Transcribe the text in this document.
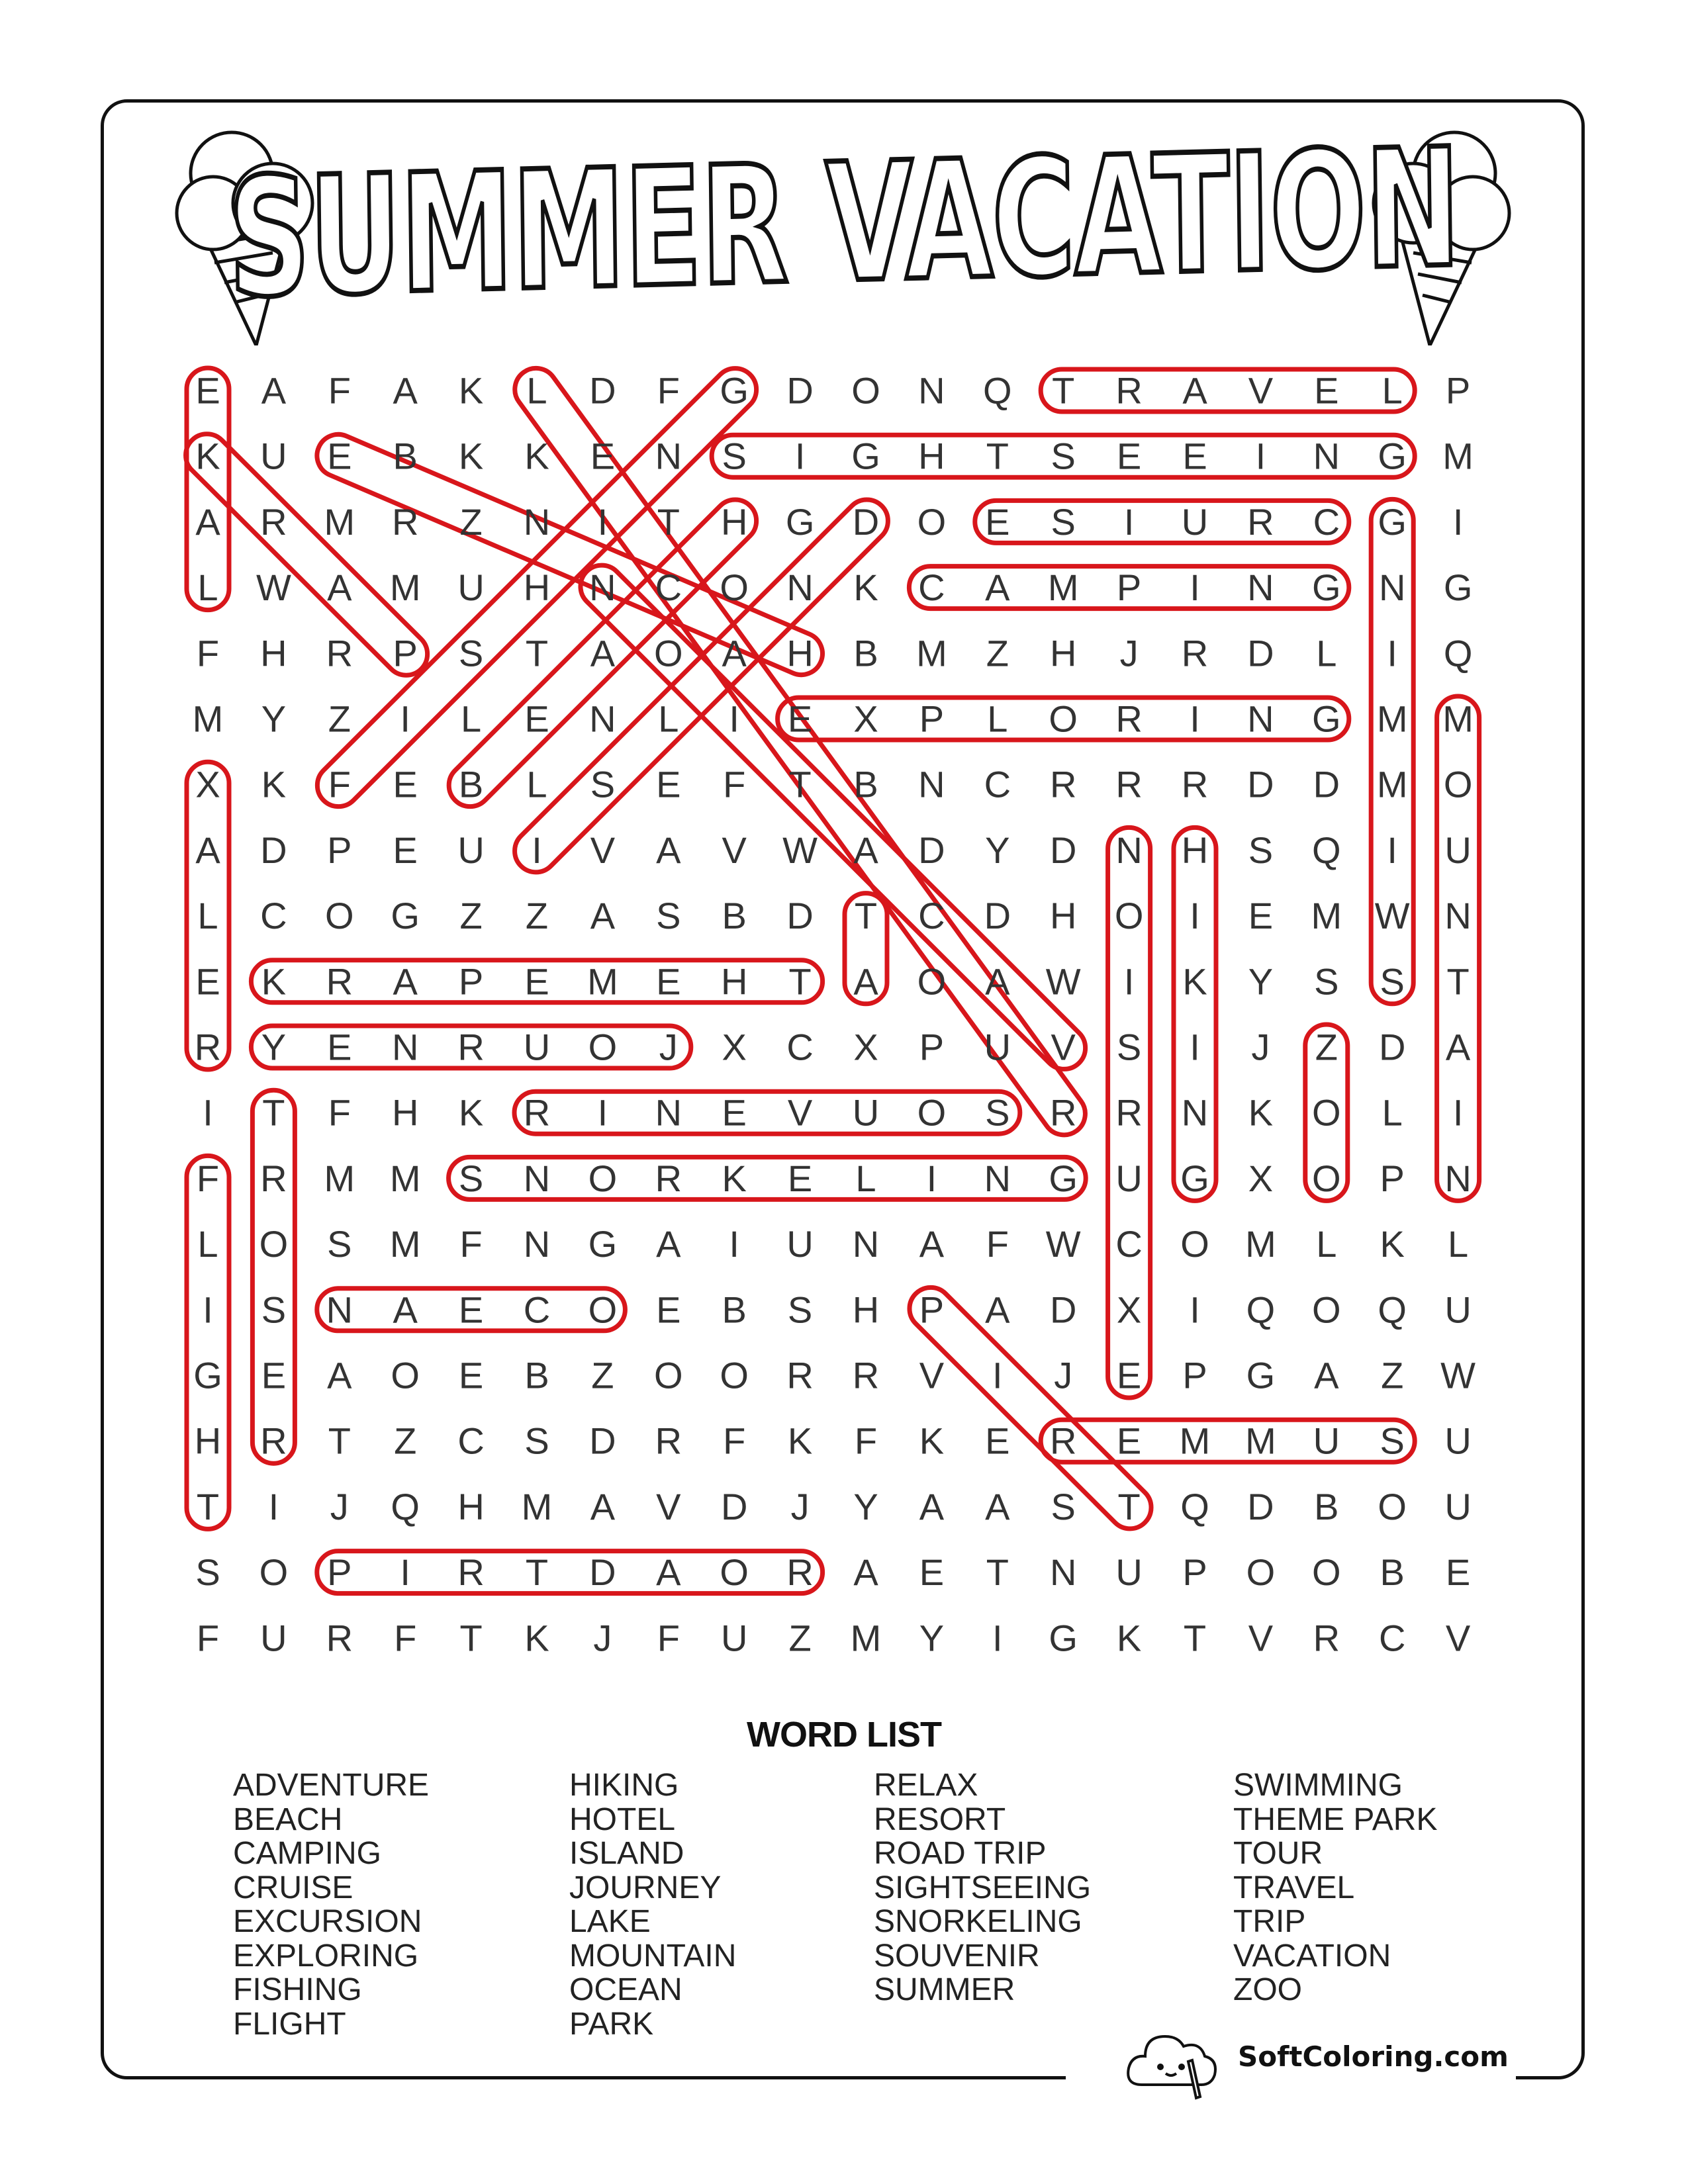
SUMMER VACATION
E A F A K L D F G D O N Q T R A V E L P
K U E B K K E N S I G H T S E E I N G M
A R M R Z N I T H G D O E S I U R C G I
L W A M U H N C O N K C A M P I N G N G
F H R P S T A O A H B M Z H J R D L I Q
M Y Z I L E N L I E X P L O R I N G M M
X K F E B L S E F T B N C R R R D D M O
A D P E U I V A V W A D Y D N H S Q I U
L C O G Z Z A S B D T C D H O I E M W N
E K R A P E M E H T A O A W I K Y S S T
R Y E N R U O J X C X P U V S I J Z D A
I T F H K R I N E V U O S R R N K O L I
F R M M S N O R K E L I N G U G X O P N
L O S M F N G A I U N A F W C O M L K L
I S N A E C O E B S H P A D X I Q O Q U
G E A O E B Z O O R R V I J E P G A Z W
H R T Z C S D R F K F K E R E M M U S U
T I J Q H M A V D J Y A A S T Q D B O U
S O P I R T D A O R A E T N U P O O B E
F U R F T K J F U Z M Y I G K T V R C V
WORD LIST
ADVENTURE
BEACH
CAMPING
CRUISE
EXCURSION
EXPLORING
FISHING
FLIGHT
HIKING
HOTEL
ISLAND
JOURNEY
LAKE
MOUNTAIN
OCEAN
PARK
RELAX
RESORT
ROAD TRIP
SIGHTSEEING
SNORKELING
SOUVENIR
SUMMER
SWIMMING
THEME PARK
TOUR
TRAVEL
TRIP
VACATION
ZOO
SoftColoring.com
